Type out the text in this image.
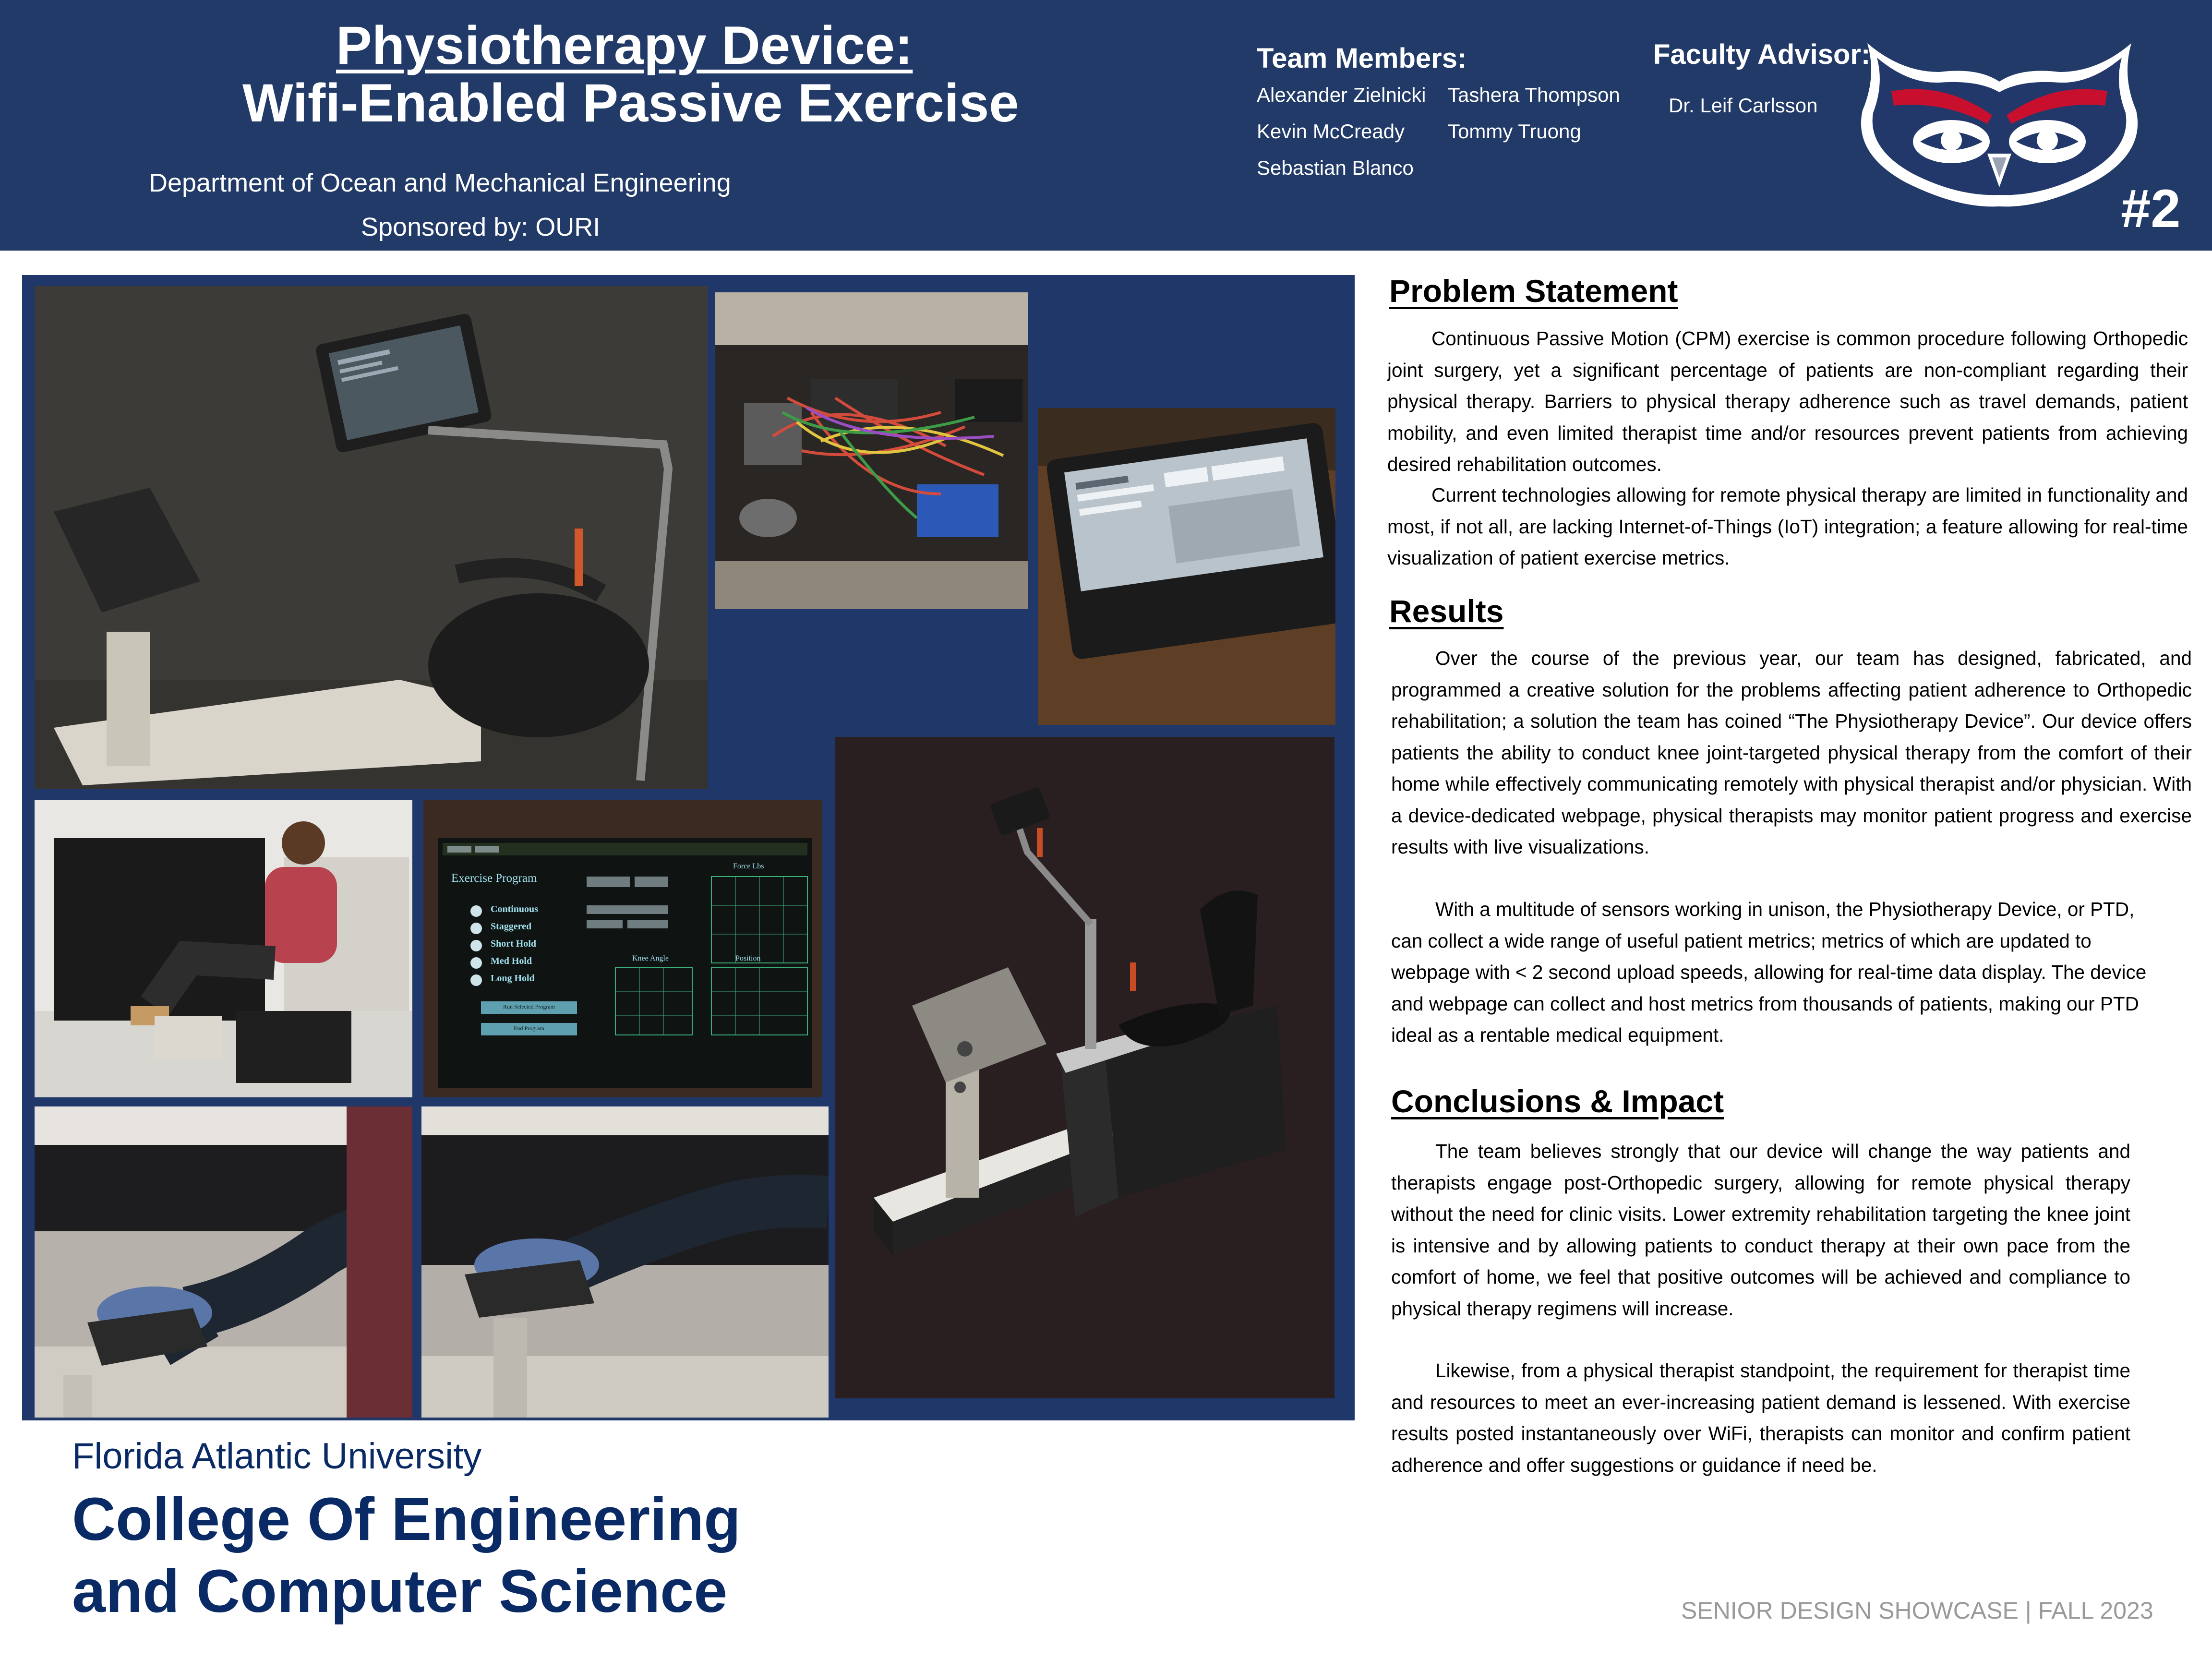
Physiotherapy Device:
Wifi-Enabled Passive Exercise
Department of Ocean and Mechanical Engineering
Sponsored by: OURI
Team Members:
Alexander Zielnicki Tashera Thompson
Kevin McCready Tommy Truong
Sebastian Blanco
Faculty Advisor:
Dr. Leif Carlsson
#2
Exercise Program
Continuous
Staggered
Short Hold
Med Hold
Long Hold
Force Lbs
Knee Angle	Position
Run Selected Program
End Program
Problem Statement

Continuous Passive Motion (CPM) exercise is common procedure following Orthopedic joint surgery, yet a significant percentage of patients are non-compliant regarding their physical therapy. Barriers to physical therapy adherence such as travel demands, patient mobility, and even limited therapist time and/or resources prevent patients from achieving desired rehabilitation outcomes.

Current technologies allowing for remote physical therapy are limited in functionality and most, if not all, are lacking Internet-of-Things (IoT) integration; a feature allowing for real-time visualization of patient exercise metrics.

Results

Over the course of the previous year, our team has designed, fabricated, and programmed a creative solution for the problems affecting patient adherence to Orthopedic rehabilitation; a solution the team has coined “The Physiotherapy Device”. Our device offers patients the ability to conduct knee joint-targeted physical therapy from the comfort of their home while effectively communicating remotely with physical therapist and/or physician. With a device-dedicated webpage, physical therapists may monitor patient progress and exercise results with live visualizations.

With a multitude of sensors working in unison, the Physiotherapy Device, or PTD, can collect a wide range of useful patient metrics; metrics of which are updated to webpage with < 2 second upload speeds, allowing for real-time data display. The device and webpage can collect and host metrics from thousands of patients, making our PTD ideal as a rentable medical equipment.

Conclusions & Impact

The team believes strongly that our device will change the way patients and therapists engage post-Orthopedic surgery, allowing for remote physical therapy without the need for clinic visits. Lower extremity rehabilitation targeting the knee joint is intensive and by allowing patients to conduct therapy at their own pace from the comfort of home, we feel that positive outcomes will be achieved and compliance to physical therapy regimens will increase.

Likewise, from a physical therapist standpoint, the requirement for therapist time and resources to meet an ever-increasing patient demand is lessened. With exercise results posted instantaneously over WiFi, therapists can monitor and confirm patient adherence and offer suggestions or guidance if need be.

Florida Atlantic University
College Of Engineering
and Computer Science	SENIOR DESIGN SHOWCASE | FALL 2023
